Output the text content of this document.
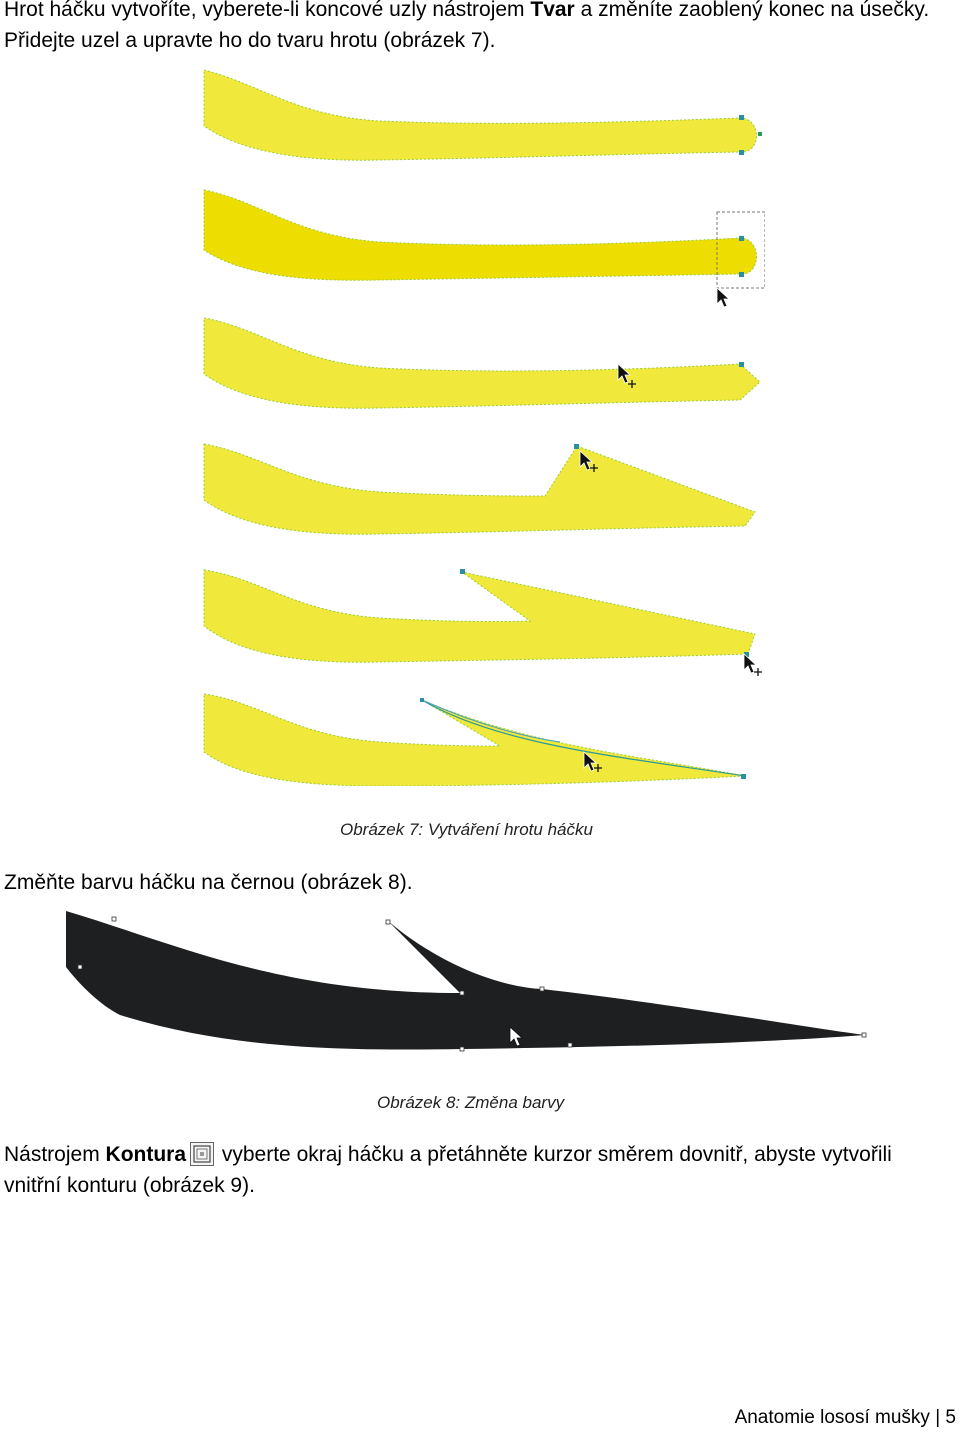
Hrot háčku vytvoříte, vyberete-li koncové uzly nástrojem Tvar a změníte zaoblený konec na úsečky. Přidejte uzel a upravte ho do tvaru hrotu (obrázek 7).

Obrázek 7: Vytváření hrotu háčku

Změňte barvu háčku na černou (obrázek 8).

Obrázek 8: Změna barvy

Nástrojem Kontura vyberte okraj háčku a přetáhněte kurzor směrem dovnitř, abyste vytvořili vnitřní konturu (obrázek 9).

Anatomie lososí mušky | 5
